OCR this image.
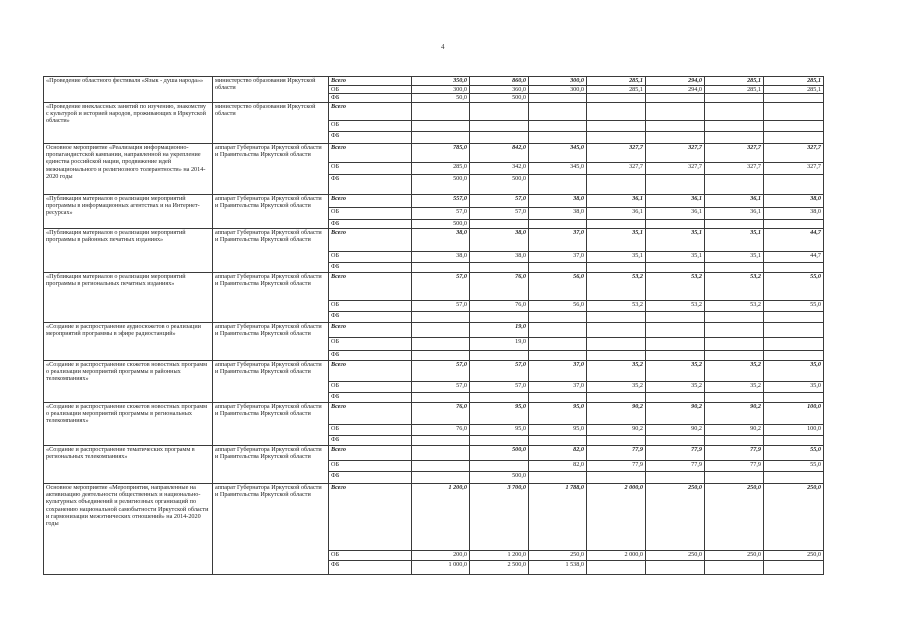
4
«Проведение областного фестиваля «Язык - душа народа»»	министерство образования Иркутской области	Всего	350,0	860,0	300,0	285,1	294,0	285,1	285,1
		ОБ	300,0	360,0	300,0	285,1	294,0	285,1	285,1
		ФБ	50,0	500,0					
«Проведение внеклассных занятий по изучению, знакомству с культурой и историей народов, проживающих в Иркутской области»	министерство образования Иркутской области	Всего							
		ОБ							
		ФБ							
Основное мероприятие «Реализация информационно-пропагандистской кампании, направленной на укрепление единства российской нации, продвижение идей межнационального и религиозного толерантности» на 2014-2020 годы	аппарат Губернатора Иркутской области и Правительства Иркутской области	Всего	785,0	842,0	345,0	327,7	327,7	327,7	327,7
		ОБ	285,0	342,0	345,0	327,7	327,7	327,7	327,7
		ФБ	500,0	500,0					
«Публикация материалов о реализации мероприятий программы в информационных агентствах и на Интернет-ресурсах»	аппарат Губернатора Иркутской области и Правительства Иркутской области	Всего	557,0	57,0	38,0	36,1	36,1	36,1	38,0
		ОБ	57,0	57,0	38,0	36,1	36,1	36,1	38,0
		ФБ	500,0						
«Публикация материалов о реализации мероприятий программы в районных печатных изданиях»	аппарат Губернатора Иркутской области и Правительства Иркутской области	Всего	38,0	38,0	37,0	35,1	35,1	35,1	44,7
		ОБ	38,0	38,0	37,0	35,1	35,1	35,1	44,7
		ФБ							
«Публикация материалов о реализации мероприятий программы в региональных печатных изданиях»	аппарат Губернатора Иркутской области и Правительства Иркутской области	Всего	57,0	76,0	56,0	53,2	53,2	53,2	55,0
		ОБ	57,0	76,0	56,0	53,2	53,2	53,2	55,0
		ФБ							
«Создание и распространение аудиосюжетов о реализации мероприятий программы в эфире радиостанций»	аппарат Губернатора Иркутской области и Правительства Иркутской области	Всего		19,0					
		ОБ		19,0					
		ФБ							
«Создание и распространение сюжетов новостных программ о реализации мероприятий программы в районных телекомпаниях»	аппарат Губернатора Иркутской области и Правительства Иркутской области	Всего	57,0	57,0	37,0	35,2	35,2	35,2	35,0
		ОБ	57,0	57,0	37,0	35,2	35,2	35,2	35,0
		ФБ							
«Создание и распространение сюжетов новостных программ о реализации мероприятий программы в региональных телекомпаниях»	аппарат Губернатора Иркутской области и Правительства Иркутской области	Всего	76,0	95,0	95,0	90,2	90,2	90,2	100,0
		ОБ	76,0	95,0	95,0	90,2	90,2	90,2	100,0
		ФБ							
«Создание и распространение тематических программ в региональных телекомпаниях»	аппарат Губернатора Иркутской области и Правительства Иркутской области	Всего		500,0	82,0	77,9	77,9	77,9	55,0
		ОБ			82,0	77,9	77,9	77,9	55,0
		ФБ		500,0					
Основное мероприятие «Мероприятия, направленные на активизацию деятельности общественных и национально-культурных объединений и религиозных организаций по сохранению национальной самобытности Иркутской области и гармонизации межэтнических отношений» на 2014-2020 годы	аппарат Губернатора Иркутской области и Правительства Иркутской области	Всего	1 200,0	3 700,0	1 788,0	2 000,0	250,0	250,0	250,0
		ОБ	200,0	1 200,0	250,0	2 000,0	250,0	250,0	250,0
		ФБ	1 000,0	2 500,0	1 538,0				
